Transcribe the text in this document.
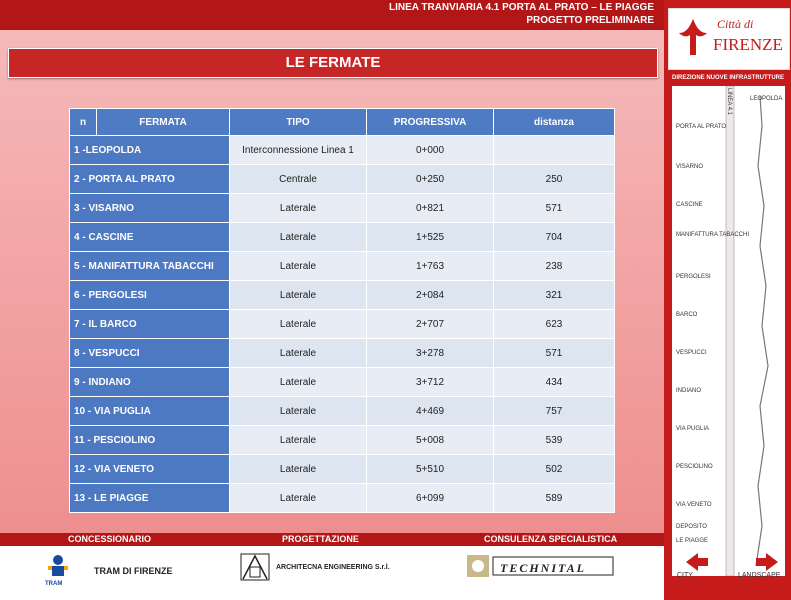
LINEA TRANVIARIA 4.1 PORTA AL PRATO – LE PIAGGE
PROGETTO PRELIMINARE
LE FERMATE
n	FERMATA	TIPO	PROGRESSIVA	distanza
1 -LEOPOLDA		Interconnessione Linea 1	0+000	
2 - PORTA AL PRATO		Centrale	0+250	250
3 - VISARNO		Laterale	0+821	571
4 - CASCINE		Laterale	1+525	704
5 - MANIFATTURA TABACCHI		Laterale	1+763	238
6 - PERGOLESI		Laterale	2+084	321
7 - IL BARCO		Laterale	2+707	623
8 - VESPUCCI		Laterale	3+278	571
9 - INDIANO		Laterale	3+712	434
10 - VIA PUGLIA		Laterale	4+469	757
11 - PESCIOLINO		Laterale	5+008	539
12 - VIA VENETO		Laterale	5+510	502
13 - LE PIAGGE		Laterale	6+099	589
CONCESSIONARIO	PROGETTAZIONE	CONSULENZA SPECIALISTICA
TRAM
TRAM DI FIRENZE	ARCHITECNA ENGINEERING S.r.l.	TECHNITAL
Città di
FIRENZE
DIREZIONE NUOVE INFRASTRUTTURE
LEOPOLDA
PORTA AL PRATO
VISARNO
CASCINE
MANIFATTURA TABACCHI
PERGOLESI
BARCO
VESPUCCI
INDIANO
VIA PUGLIA
PESCIOLINO
VIA VENETO
DEPOSITO
LE PIAGGE
LINEA 4.1
CITY	LANDSCAPE
